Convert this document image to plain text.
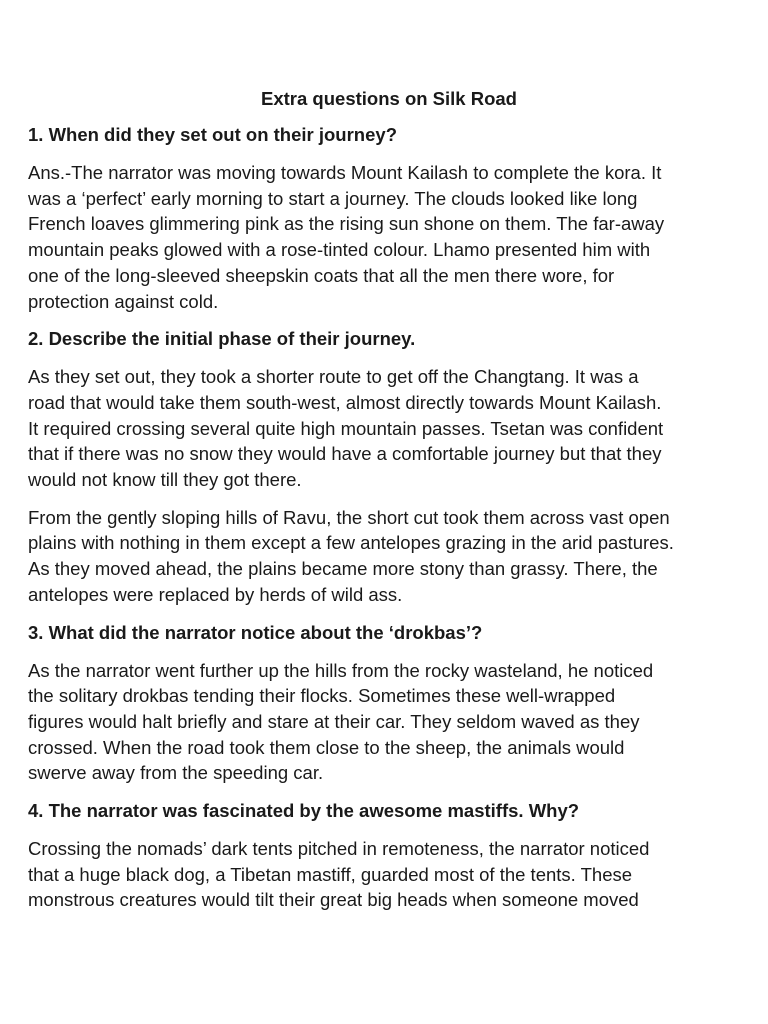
Extra questions on Silk Road
1. When did they set out on their journey?
Ans.-The narrator was moving towards Mount Kailash to complete the kora. It
was a ‘perfect’ early morning to start a journey. The clouds looked like long
French loaves glimmering pink as the rising sun shone on them. The far-away
mountain peaks glowed with a rose-tinted colour. Lhamo presented him with
one of the long-sleeved sheepskin coats that all the men there wore, for
protection against cold.
2. Describe the initial phase of their journey.
As they set out, they took a shorter route to get off the Changtang. It was a
road that would take them south-west, almost directly towards Mount Kailash.
It required crossing several quite high mountain passes. Tsetan was confident
that if there was no snow they would have a comfortable journey but that they
would not know till they got there.
From the gently sloping hills of Ravu, the short cut took them across vast open
plains with nothing in them except a few antelopes grazing in the arid pastures.
As they moved ahead, the plains became more stony than grassy. There, the
antelopes were replaced by herds of wild ass.
3. What did the narrator notice about the ‘drokbas’?
As the narrator went further up the hills from the rocky wasteland, he noticed
the solitary drokbas tending their flocks. Sometimes these well-wrapped
figures would halt briefly and stare at their car. They seldom waved as they
crossed. When the road took them close to the sheep, the animals would
swerve away from the speeding car.
4. The narrator was fascinated by the awesome mastiffs. Why?
Crossing the nomads’ dark tents pitched in remoteness, the narrator noticed
that a huge black dog, a Tibetan mastiff, guarded most of the tents. These
monstrous creatures would tilt their great big heads when someone moved
